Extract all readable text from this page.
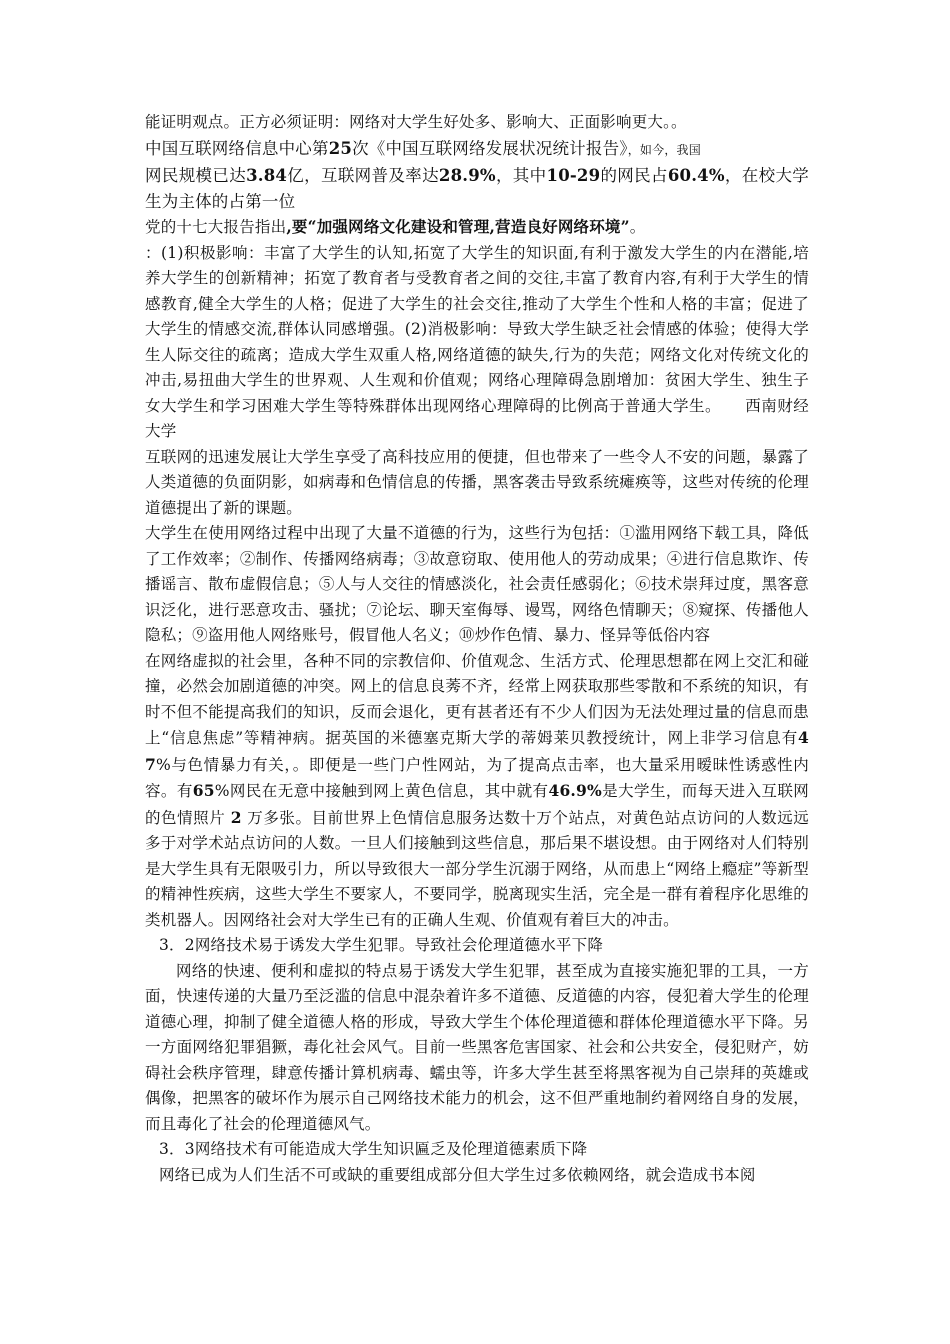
能证明观点。正方必须证明：网络对大学生好处多、影响大、正面影响更大。。

中国互联网络信息中心第25次《中国互联网络发展状况统计报告》，如今，我国
网民规模已达3.84亿，互联网普及率达28.9%，其中10-29的网民占60.4%，在校大学生为主体的占第一位

党的十七大报告指出,要“加强网络文化建设和管理,营造良好网络环境”。

：(1)积极影响：丰富了大学生的认知,拓宽了大学生的知识面,有利于激发大学生的内在潜能,培养大学生的创新精神；拓宽了教育者与受教育者之间的交往,丰富了教育内容,有利于大学生的情感教育,健全大学生的人格；促进了大学生的社会交往,推动了大学生个性和人格的丰富；促进了大学生的情感交流,群体认同感增强。(2)消极影响：导致大学生缺乏社会情感的体验；使得大学生人际交往的疏离；造成大学生双重人格,网络道德的缺失,行为的失范；网络文化对传统文化的冲击,易扭曲大学生的世界观、人生观和价值观；网络心理障碍急剧增加：贫困大学生、独生子女大学生和学习困难大学生等特殊群体出现网络心理障碍的比例高于普通大学生。　　西南财经大学

互联网的迅速发展让大学生享受了高科技应用的便捷，但也带来了一些令人不安的问题，暴露了人类道德的负面阴影，如病毒和色情信息的传播，黑客袭击导致系统瘫痪等，这些对传统的伦理道德提出了新的课题。

大学生在使用网络过程中出现了大量不道德的行为，这些行为包括：①滥用网络下载工具，降低了工作效率；②制作、传播网络病毒；③故意窃取、使用他人的劳动成果；④进行信息欺诈、传播谣言、散布虚假信息；⑤人与人交往的情感淡化，社会责任感弱化；⑥技术崇拜过度，黑客意识泛化，进行恶意攻击、骚扰；⑦论坛、聊天室侮辱、谩骂，网络色情聊天；⑧窥探、传播他人隐私；⑨盗用他人网络账号，假冒他人名义；⑩炒作色情、暴力、怪异等低俗内容

在网络虚拟的社会里，各种不同的宗教信仰、价值观念、生活方式、伦理思想都在网上交汇和碰撞，必然会加剧道德的冲突。网上的信息良莠不齐，经常上网获取那些零散和不系统的知识，有时不但不能提高我们的知识，反而会退化，更有甚者还有不少人们因为无法处理过量的信息而患上“信息焦虑”等精神病。据英国的米德塞克斯大学的蒂姆莱贝教授统计，网上非学习信息有47%与色情暴力有关，。即便是一些门户性网站，为了提高点击率，也大量采用暧昧性诱惑性内容。有65%网民在无意中接触到网上黄色信息，其中就有46.9%是大学生，而每天进入互联网的色情照片 2 万多张。目前世界上色情信息服务达数十万个站点，对黄色站点访问的人数远远多于对学术站点访问的人数。一旦人们接触到这些信息，那后果不堪设想。由于网络对人们特别是大学生具有无限吸引力，所以导致很大一部分学生沉溺于网络，从而患上“网络上瘾症”等新型的精神性疾病，这些大学生不要家人，不要同学，脱离现实生活，完全是一群有着程序化思维的类机器人。因网络社会对大学生已有的正确人生观、价值观有着巨大的冲击。

3．2网络技术易于诱发大学生犯罪。导致社会伦理道德水平下降

网络的快速、便利和虚拟的特点易于诱发大学生犯罪，甚至成为直接实施犯罪的工具，一方面，快速传递的大量乃至泛滥的信息中混杂着许多不道德、反道德的内容，侵犯着大学生的伦理道德心理，抑制了健全道德人格的形成，导致大学生个体伦理道德和群体伦理道德水平下降。另一方面网络犯罪猖獗，毒化社会风气。目前一些黑客危害国家、社会和公共安全，侵犯财产，妨碍社会秩序管理，肆意传播计算机病毒、蠕虫等，许多大学生甚至将黑客视为自己崇拜的英雄或偶像，把黑客的破坏作为展示自己网络技术能力的机会，这不但严重地制约着网络自身的发展，而且毒化了社会的伦理道德风气。

3．3网络技术有可能造成大学生知识匾乏及伦理道德素质下降

网络已成为人们生活不可或缺的重要组成部分但大学生过多依赖网络，就会造成书本阅
